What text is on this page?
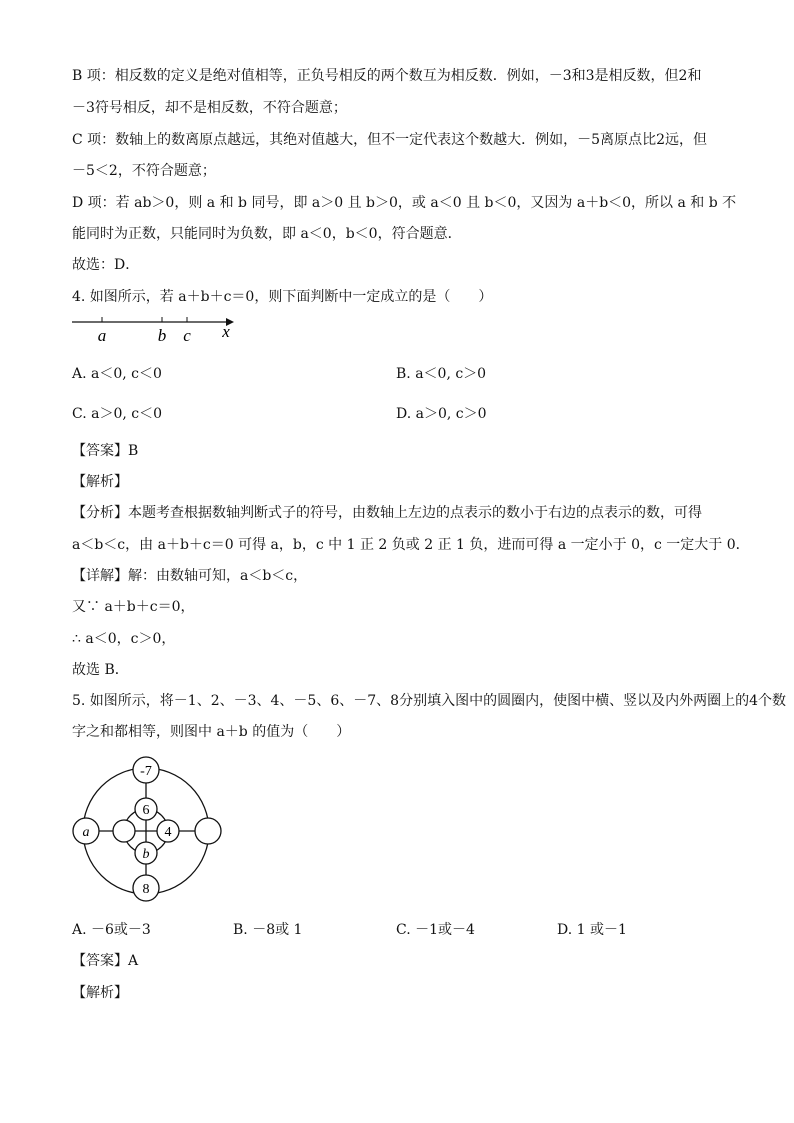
B 项：相反数的定义是绝对值相等，正负号相反的两个数互为相反数．例如，－3和3是相反数，但2和
－3符号相反，却不是相反数，不符合题意；
C 项：数轴上的数离原点越远，其绝对值越大，但不一定代表这个数越大．例如，－5离原点比2远，但
－5＜2，不符合题意；
D 项：若 ab＞0，则 a 和 b 同号，即 a＞0 且 b＞0，或 a＜0 且 b＜0，又因为 a＋b＜0，所以 a 和 b 不
能同时为正数，只能同时为负数，即 a＜0，b＜0，符合题意．
故选：D．
4. 如图所示，若 a＋b＋c＝0，则下面判断中一定成立的是（　　）
a	b c x
A. a＜0, c＜0	B. a＜0, c＞0
C. a＞0, c＜0	D. a＞0, c＞0
【答案】B
【解析】
【分析】本题考查根据数轴判断式子的符号，由数轴上左边的点表示的数小于右边的点表示的数，可得
a＜b＜c，由 a＋b＋c＝0 可得 a，b，c 中 1 正 2 负或 2 正 1 负，进而可得 a 一定小于 0，c 一定大于 0．
【详解】解：由数轴可知，a＜b＜c，
又∵ a＋b＋c＝0，
∴ a＜0，c＞0，
故选 B．
5. 如图所示，将－1、2、－3、4、－5、6、－7、8分别填入图中的圆圈内，使图中横、竖以及内外两圈上的4个数
字之和都相等，则图中 a＋b 的值为（　　）
-7
6
4
b
a
8
A. －6或－3	B. －8或 1	C. －1或－4	D. 1 或－1
【答案】A
【解析】
